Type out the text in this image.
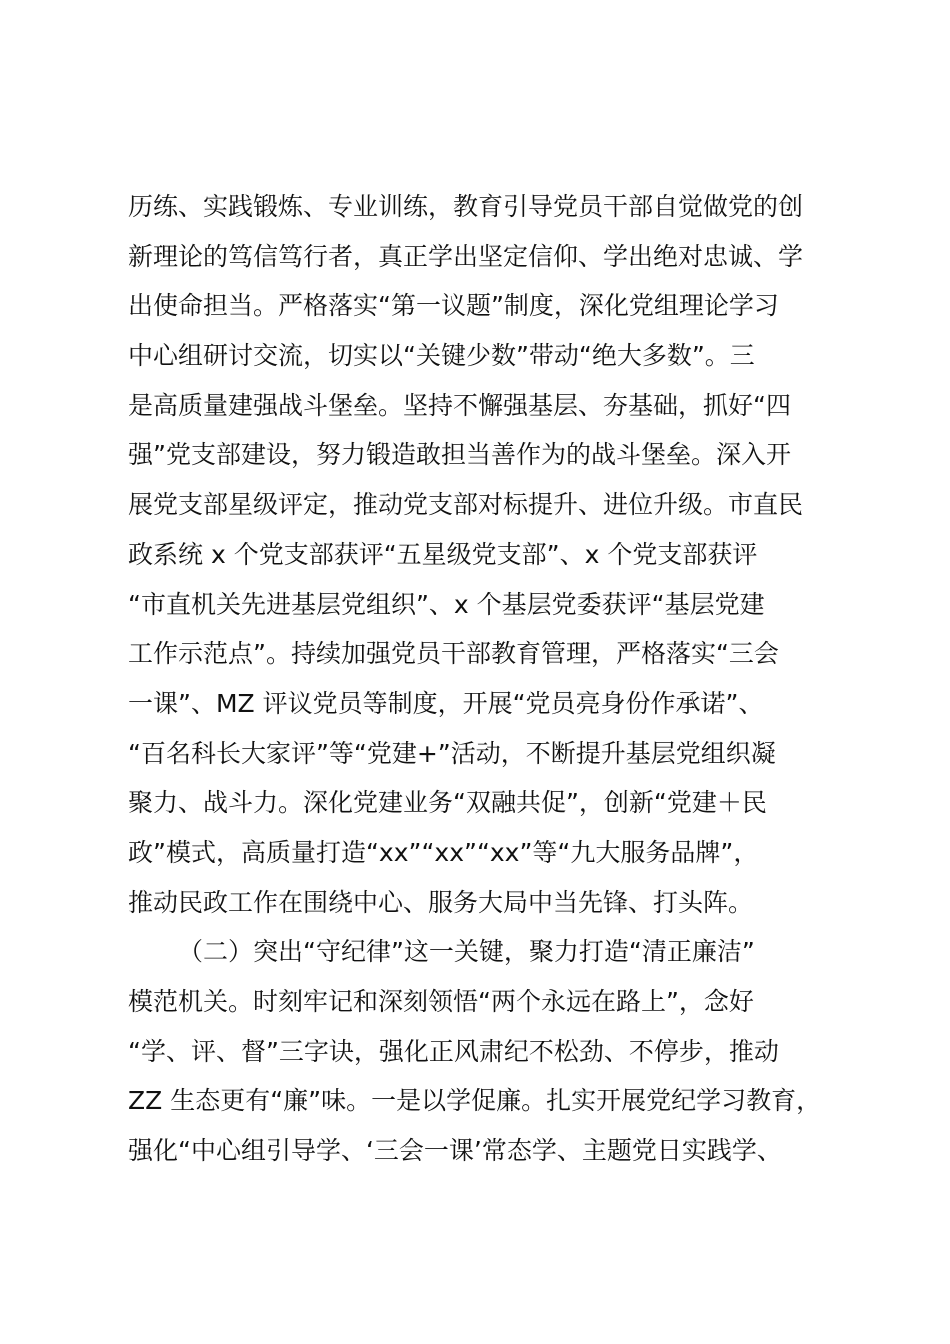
历练、实践锻炼、专业训练，教育引导党员干部自觉做党的创
新理论的笃信笃行者，真正学出坚定信仰、学出绝对忠诚、学
出使命担当。严格落实“第一议题”制度，深化党组理论学习
中心组研讨交流，切实以“关键少数”带动“绝大多数”。三
是高质量建强战斗堡垒。坚持不懈强基层、夯基础，抓好“四
强”党支部建设，努力锻造敢担当善作为的战斗堡垒。深入开
展党支部星级评定，推动党支部对标提升、进位升级。市直民
政系统 x 个党支部获评“五星级党支部”、x 个党支部获评
“市直机关先进基层党组织”、x 个基层党委获评“基层党建
工作示范点”。持续加强党员干部教育管理，严格落实“三会
一课”、MZ 评议党员等制度，开展“党员亮身份作承诺”、
“百名科长大家评”等“党建+”活动，不断提升基层党组织凝
聚力、战斗力。深化党建业务“双融共促”，创新“党建＋民
政”模式，高质量打造“xx”“xx”“xx”等“九大服务品牌”，
推动民政工作在围绕中心、服务大局中当先锋、打头阵。
（二）突出“守纪律”这一关键，聚力打造“清正廉洁”
模范机关。时刻牢记和深刻领悟“两个永远在路上”，念好
“学、评、督”三字诀，强化正风肃纪不松劲、不停步，推动
ZZ 生态更有“廉”味。一是以学促廉。扎实开展党纪学习教育，
强化“中心组引导学、‘三会一课’常态学、主题党日实践学、
